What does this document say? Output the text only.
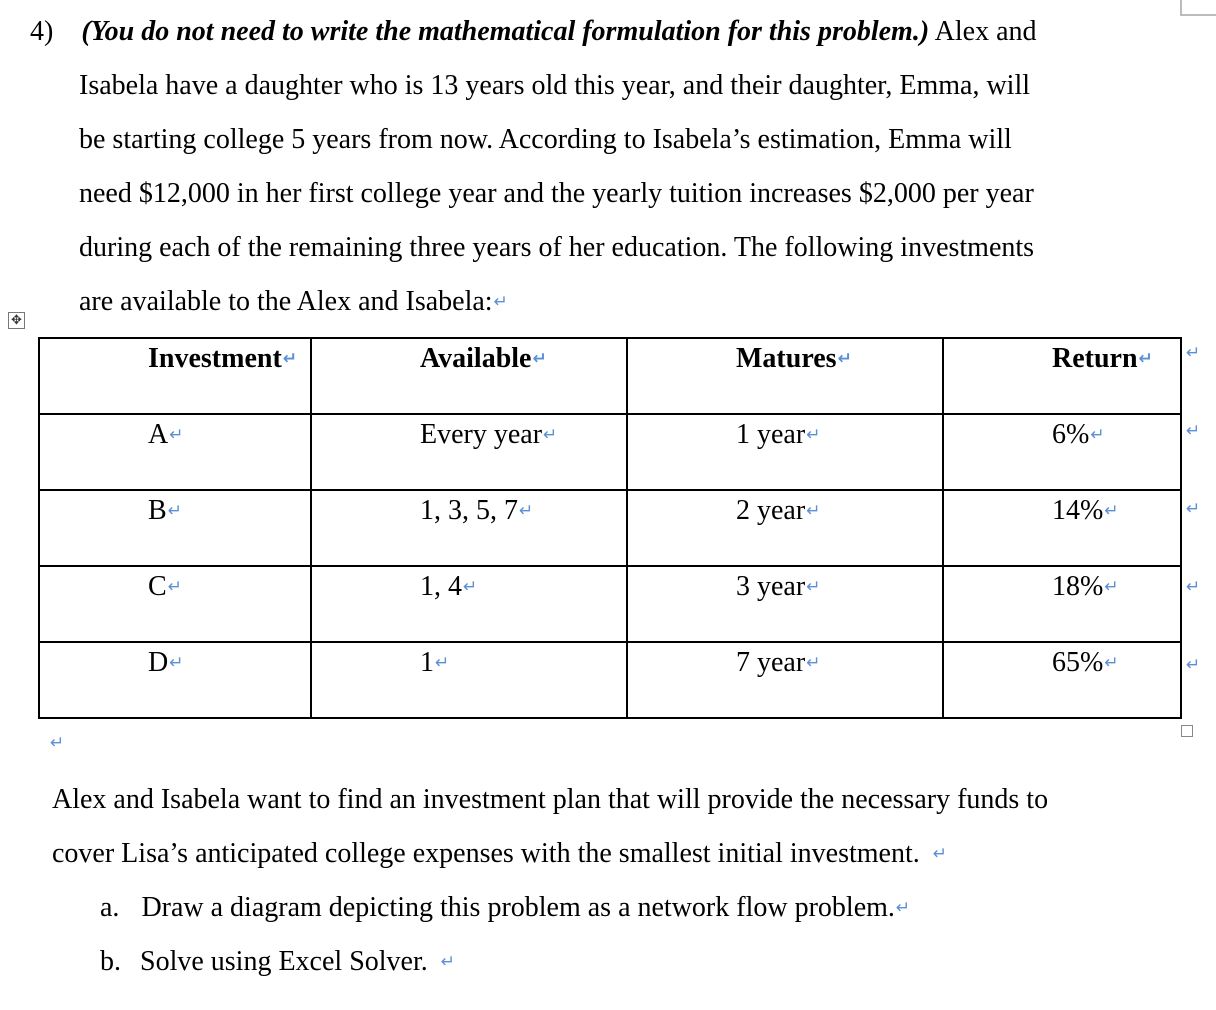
4) (You do not need to write the mathematical formulation for this problem.) Alex and
Isabela have a daughter who is 13 years old this year, and their daughter, Emma, will
be starting college 5 years from now. According to Isabela’s estimation, Emma will
need $12,000 in her first college year and the yearly tuition increases $2,000 per year
during each of the remaining three years of her education. The following investments
are available to the Alex and Isabela:↵
✥
Investment↵	Available↵	Matures↵	Return↵

A↵	Every year↵	1 year↵	6%↵

B↵	1, 3, 5, 7↵	2 year↵	14%↵

C↵	1, 4↵	3 year↵	18%↵

D↵	1↵	7 year↵	65%↵
↵
↵
↵
↵
↵
↵
Alex and Isabela want to find an investment plan that will provide the necessary funds to
cover Lisa’s anticipated college expenses with the smallest initial investment. ↵
a. Draw a diagram depicting this problem as a network flow problem.↵
b. Solve using Excel Solver. ↵
